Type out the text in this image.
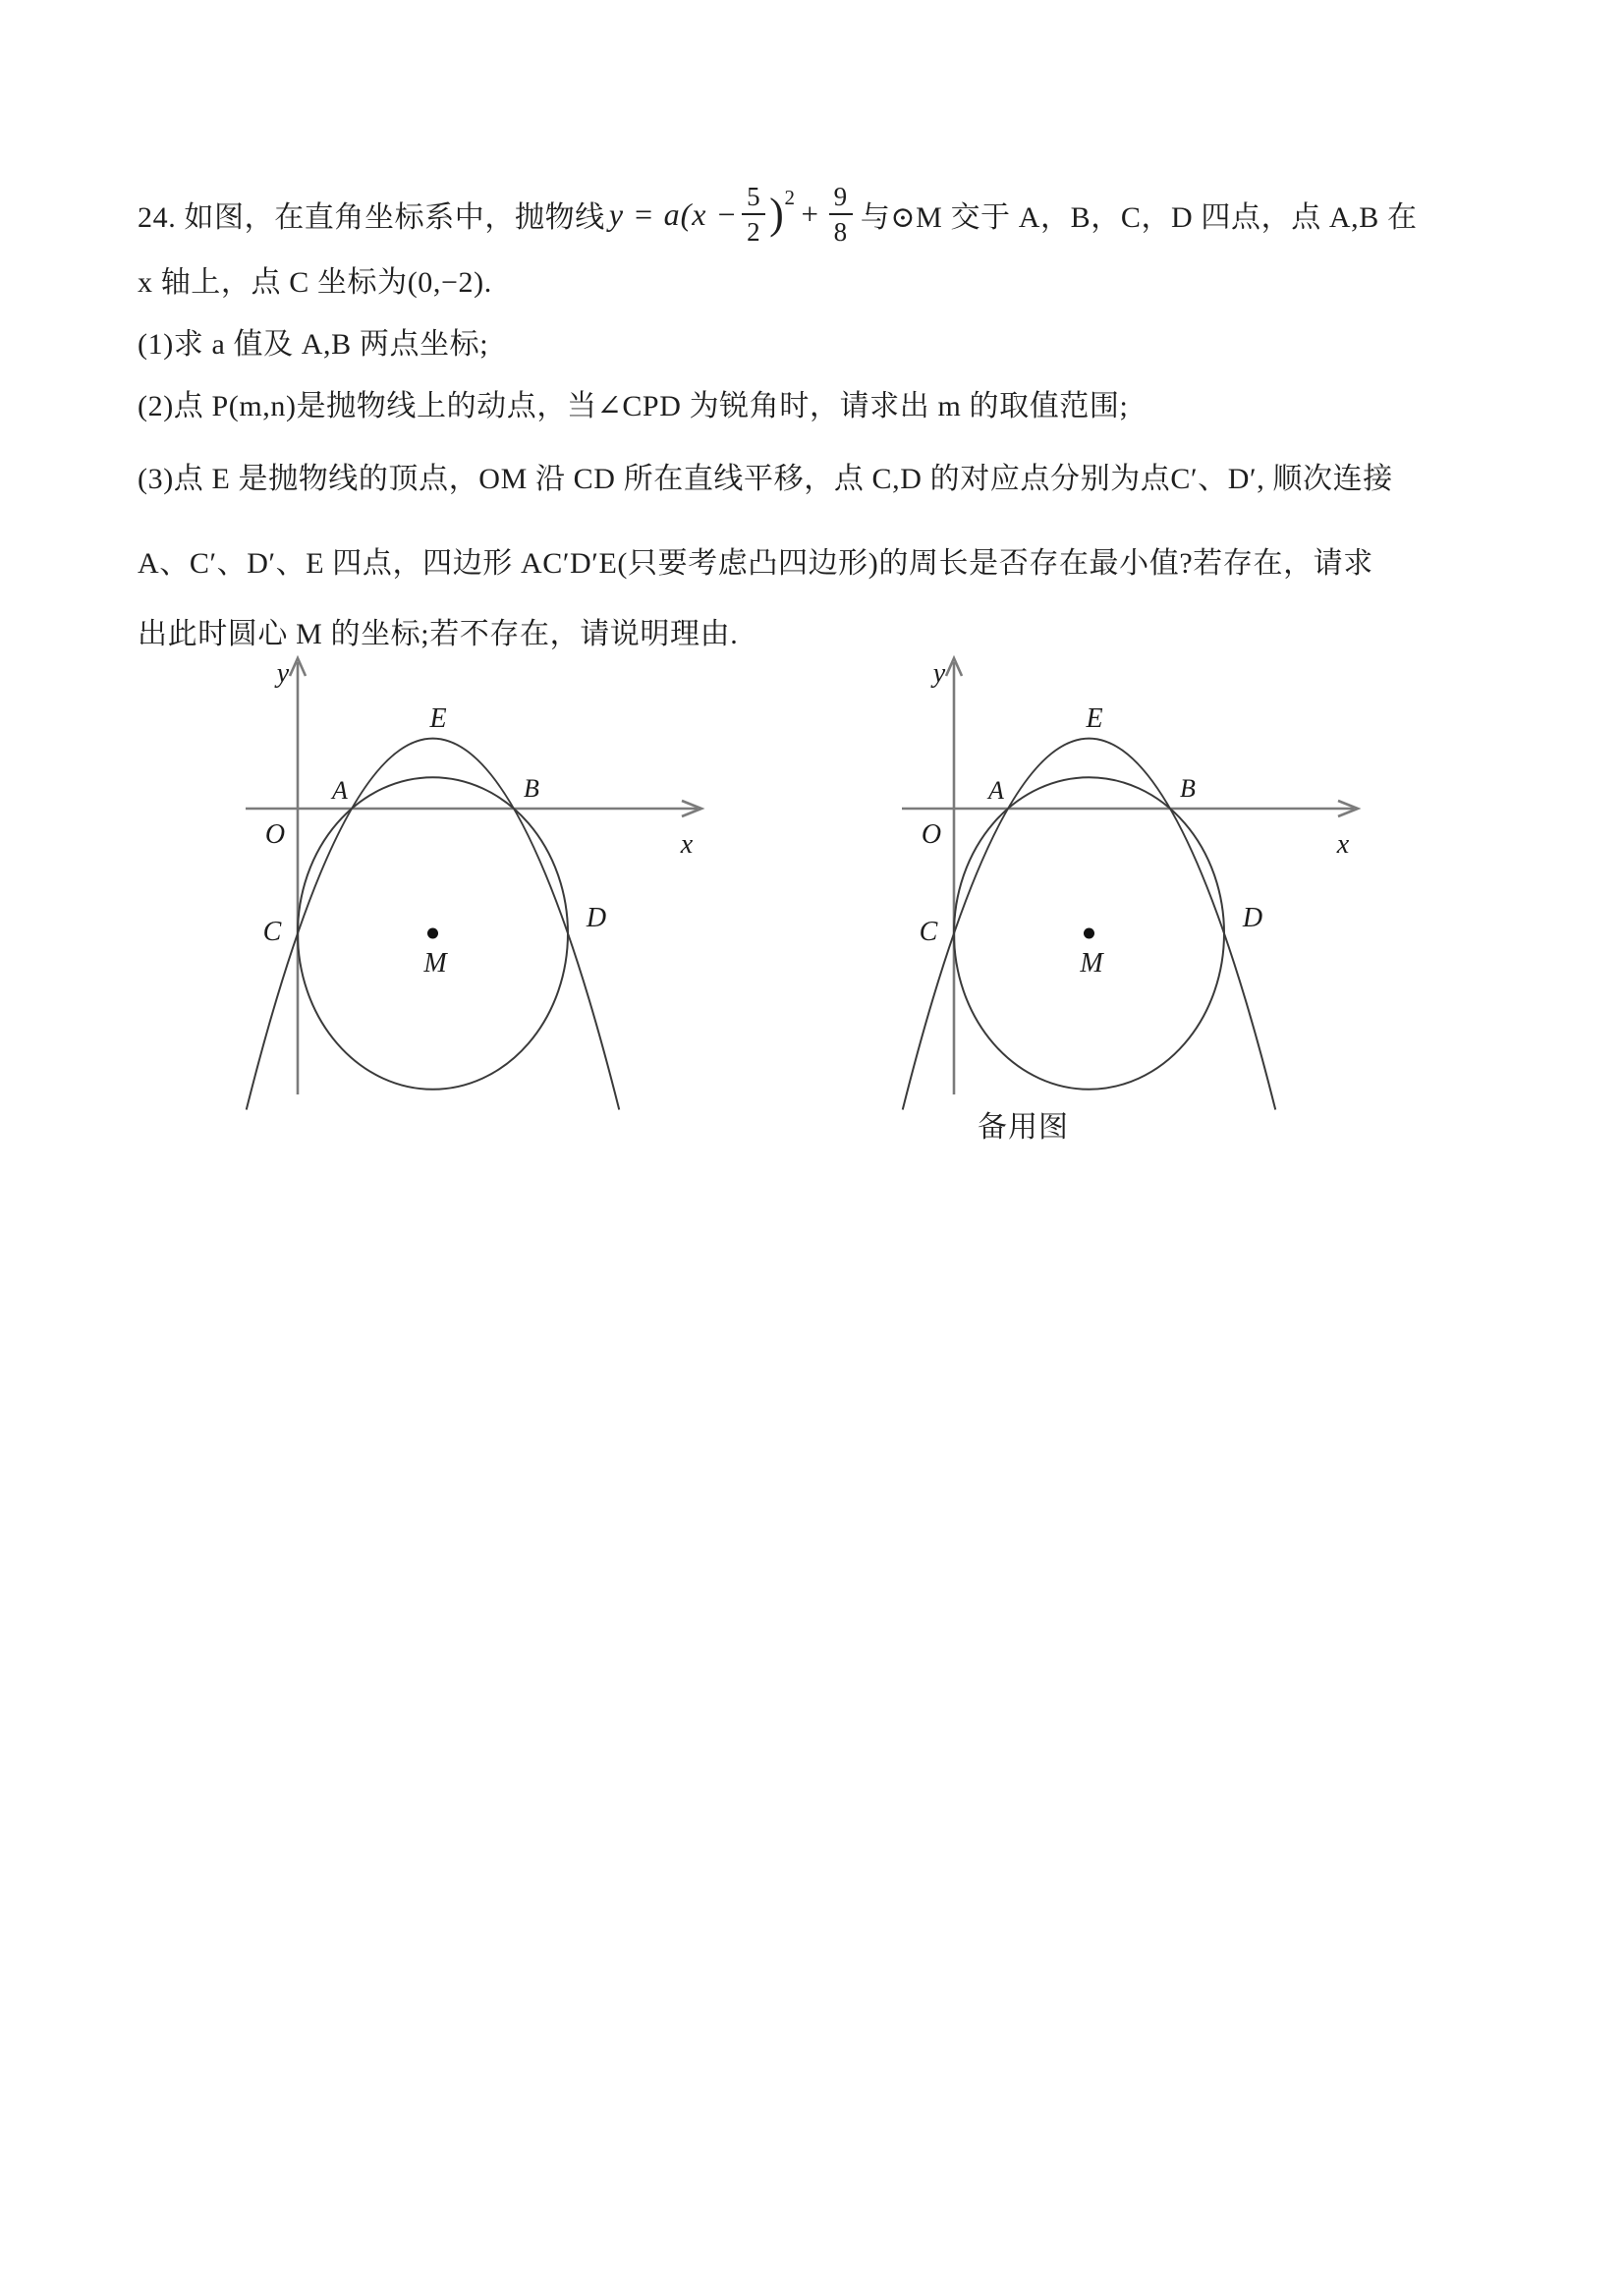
24. 如图，在直角坐标系中，抛物线 $y = a(x - \frac{5}{2}$ ) $2 + \frac{9}{8}$ 与⊙M 交于 A，B，C，D 四点，点 A,B 在
x 轴上，点 C 坐标为(0,−2).
(1)求 a 值及 A,B 两点坐标;
(2)点 P(m,n)是抛物线上的动点，当∠CPD 为锐角时，请求出 m 的取值范围;
(3)点 E 是抛物线的顶点，OM 沿 CD 所在直线平移，点 C,D 的对应点分别为点C′、D′, 顺次连接
A、C′、D′、E 四点，四边形 AC′D′E(只要考虑凸四边形)的周长是否存在最小值?若存在，请求
出此时圆心 M 的坐标;若不存在，请说明理由.
y
x
O
E
A	B
C	D
M
y
x
O
E
A	B
C	D
M
备用图
